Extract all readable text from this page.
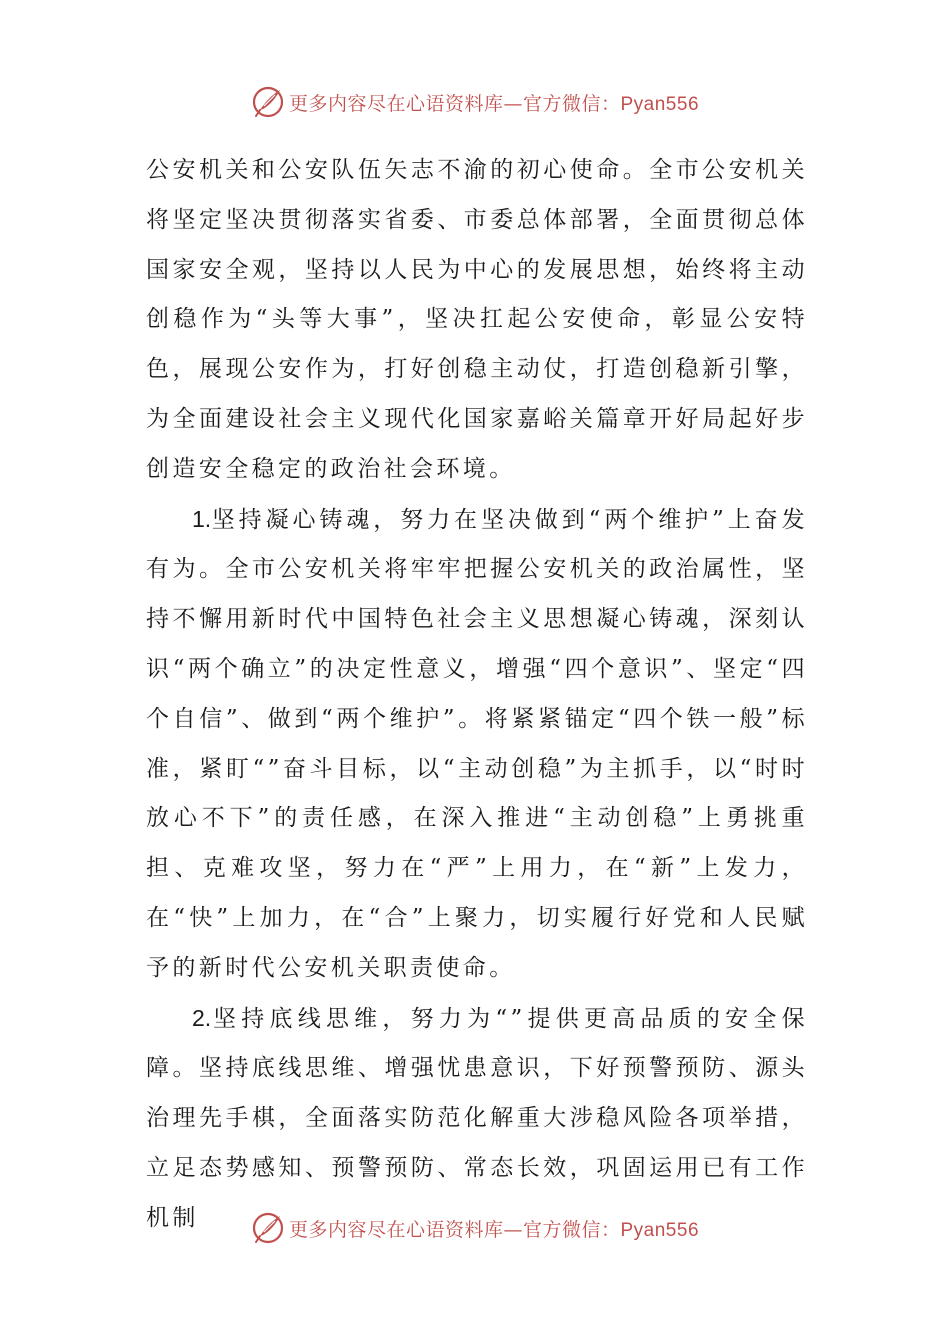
更多内容尽在心语资料库—官方微信：Pyan556

公安机关和公安队伍矢志不渝的初心使命。全市公安机关将坚定坚决贯彻落实省委、市委总体部署，全面贯彻总体国家安全观，坚持以人民为中心的发展思想，始终将主动创稳作为“头等大事”，坚决扛起公安使命，彰显公安特色，展现公安作为，打好创稳主动仗，打造创稳新引擎，为全面建设社会主义现代化国家嘉峪关篇章开好局起好步创造安全稳定的政治社会环境。

1.坚持凝心铸魂，努力在坚决做到“两个维护”上奋发有为。全市公安机关将牢牢把握公安机关的政治属性，坚持不懈用新时代中国特色社会主义思想凝心铸魂，深刻认识“两个确立”的决定性意义，增强“四个意识”、坚定“四个自信”、做到“两个维护”。将紧紧锚定“四个铁一般”标准，紧盯“”奋斗目标，以“主动创稳”为主抓手，以“时时放心不下”的责任感，在深入推进“主动创稳”上勇挑重担、克难攻坚，努力在“严”上用力，在“新”上发力，在“快”上加力，在“合”上聚力，切实履行好党和人民赋予的新时代公安机关职责使命。

2.坚持底线思维，努力为“”提供更高品质的安全保障。坚持底线思维、增强忧患意识，下好预警预防、源头治理先手棋，全面落实防范化解重大涉稳风险各项举措，立足态势感知、预警预防、常态长效，巩固运用已有工作机制	更多内容尽在心语资料库—官方微信：Pyan556
